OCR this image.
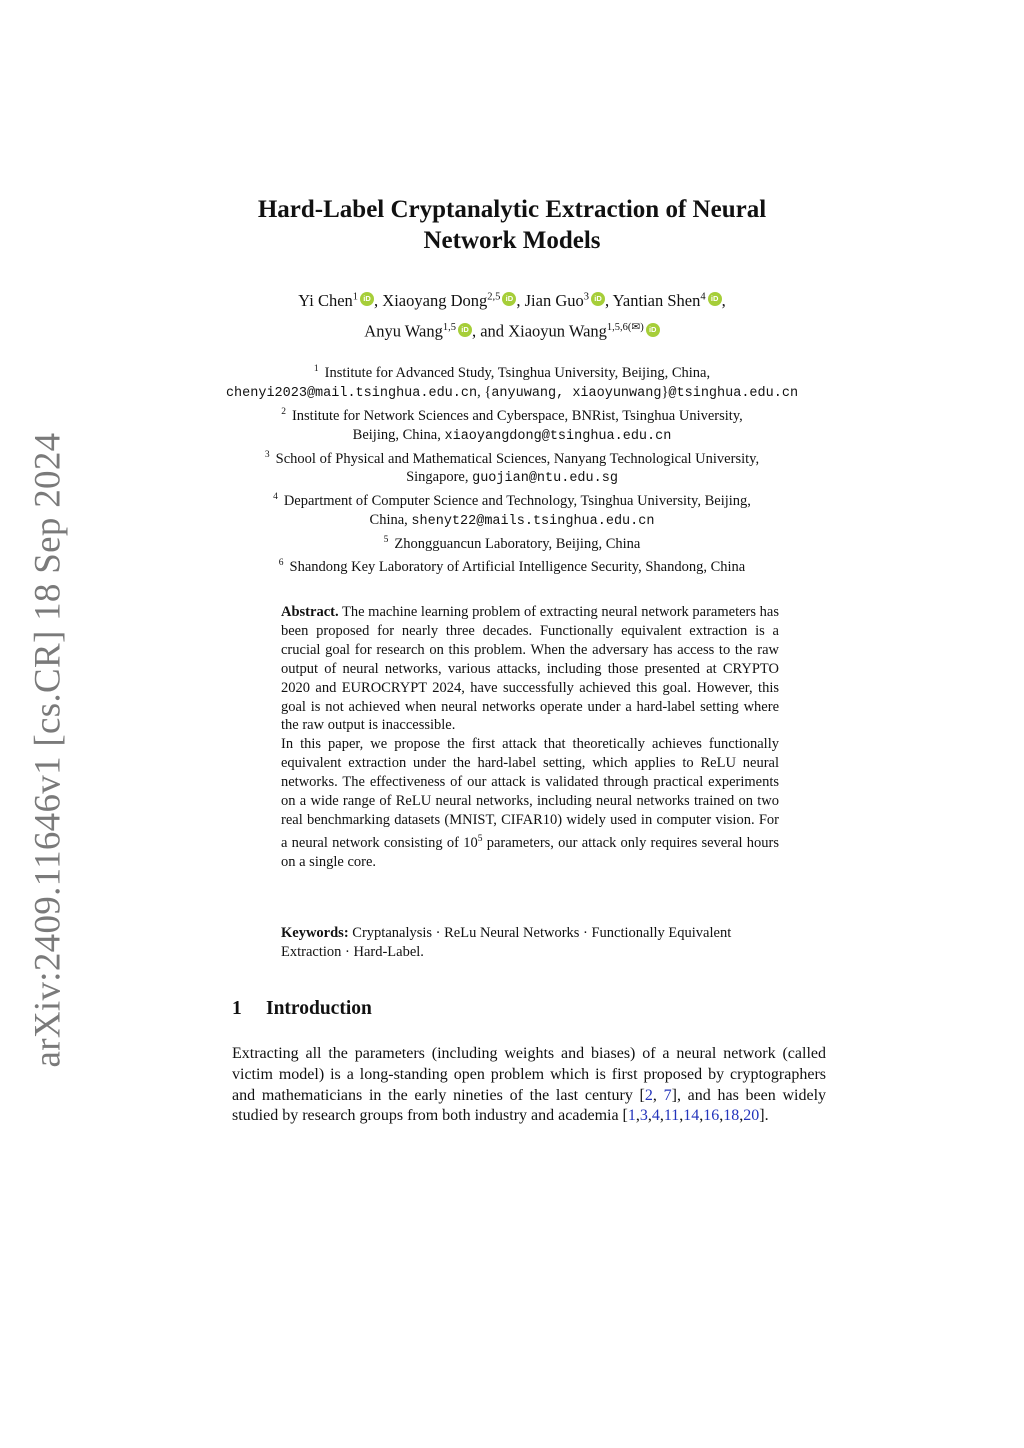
arXiv:2409.11646v1 [cs.CR] 18 Sep 2024
Hard-Label Cryptanalytic Extraction of Neural
Network Models
Yi Chen$^1$ iD , Xiaoyang Dong$^{2,5}$ iD , Jian Guo$^3$ iD , Yantian Shen$^4$ iD ,
Anyu Wang$^{1,5}$ iD , and Xiaoyun Wang$^{1,5,6(✉)}$ iD
$^1$ Institute for Advanced Study, Tsinghua University, Beijing, China,
chenyi2023@mail.tsinghua.edu.cn, {anyuwang, xiaoyunwang}@tsinghua.edu.cn
$^2$ Institute for Network Sciences and Cyberspace, BNRist, Tsinghua University,
Beijing, China, xiaoyangdong@tsinghua.edu.cn
$^3$ School of Physical and Mathematical Sciences, Nanyang Technological University,
Singapore, guojian@ntu.edu.sg
$^4$ Department of Computer Science and Technology, Tsinghua University, Beijing,
China, shenyt22@mails.tsinghua.edu.cn
$^5$ Zhongguancun Laboratory, Beijing, China
$^6$ Shandong Key Laboratory of Artificial Intelligence Security, Shandong, China

Abstract. The machine learning problem of extracting neural network parameters has been proposed for nearly three decades. Functionally equivalent extraction is a crucial goal for research on this problem. When the adversary has access to the raw output of neural networks, various attacks, including those presented at CRYPTO 2020 and EUROCRYPT 2024, have successfully achieved this goal. However, this goal is not achieved when neural networks operate under a hard-label setting where the raw output is inaccessible.

In this paper, we propose the first attack that theoretically achieves functionally equivalent extraction under the hard-label setting, which applies to ReLU neural networks. The effectiveness of our attack is validated through practical experiments on a wide range of ReLU neural networks, including neural networks trained on two real benchmarking datasets (MNIST, CIFAR10) widely used in computer vision. For a neural network consisting of $10^5$ parameters, our attack only requires several hours on a single core.

Keywords: Cryptanalysis · ReLu Neural Networks · Functionally Equivalent Extraction · Hard-Label.
1 Introduction

Extracting all the parameters (including weights and biases) of a neural network (called victim model) is a long-standing open problem which is first proposed by cryptographers and mathematicians in the early nineties of the last century [2, 7], and has been widely studied by research groups from both industry and academia [1,3,4,11,14,16,18,20].
